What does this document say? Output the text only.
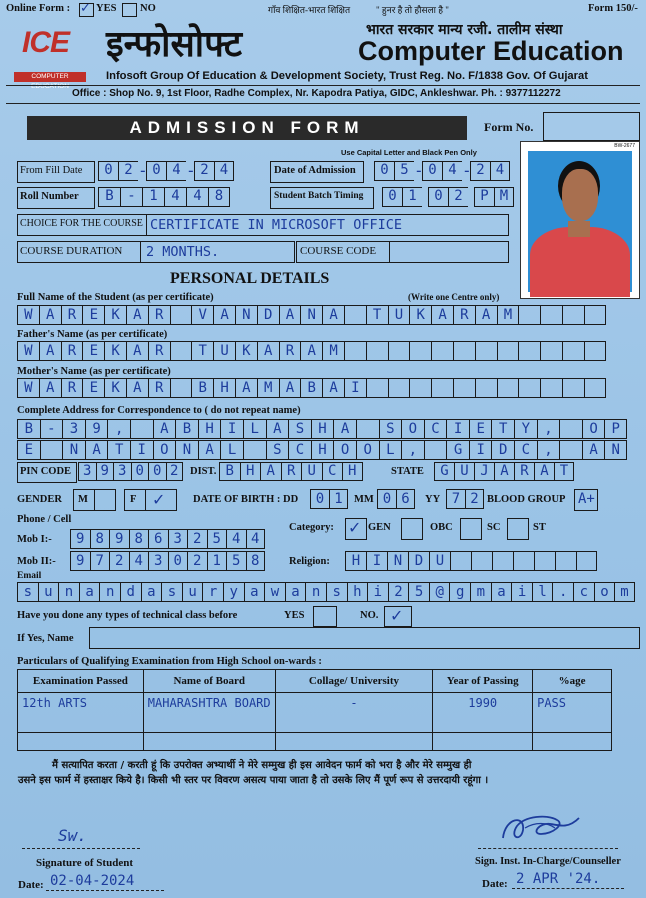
Online Form : ✓ YES NO	गाँव शिक्षित-भारत शिक्षित	" हुनर है तो हौसला है "	Form 150/-
ICE
COMPUTER EDUCATION
इन्फोसोफ्ट	भारत सरकार मान्य रजी. तालीम संस्था
Computer Education
Infosoft Group Of Education & Development Society, Trust Reg. No. F/1838 Gov. Of Gujarat
Office : Shop No. 9, 1st Floor, Radhe Complex, Nr. Kapodra Patiya, GIDC, Ankleshwar. Ph. : 9377112272
ADMISSION FORM	Form No.
Use Capital Letter and Black Pen Only
BW-2677
From Fill Date	0 2 - 0 4 - 2 4	Date of Admission	0 5 - 0 4 - 2 4
Roll Number	B - 1 4 4 8	Student Batch Timing	0 1	0 2	P M
CHOICE FOR THE COURSE CERTIFICATE IN MICROSOFT OFFICE
COURSE DURATION 2 MONTHS.	COURSE CODE
PERSONAL DETAILS
Full Name of the Student (as per certificate)	(Write one Centre only)
W A R E K A R	V A N D A N A	T U K A R A M
Father's Name (as per certificate)
W A R E K A R	T U K A R A M
Mother's Name (as per certificate)
W A R E K A R	B H A M A B A I
Complete Address for Correspondence to ( do not repeat name)
B	-	3	9	,	A	B	H	I	L	A	S	H	A	S	O	C	I	E	T	Y	,	O P
E	N	A	T	I	O	N	A	L	S	C	H	O	O	L	,	G	I	D	C	,	A N
PIN CODE 3 9 3 0 0 2	DIST. B H A R U C H	STATE	G U J A R A T
GENDER M	F ✓	DATE OF BIRTH : DD	0 1	MM 0 6	YY 7 2 BLOOD GROUP A+
Phone / Cell
Mob I:-	9 8 9 8 6 3 2 5 4 4
Mob II:-	9 7 2 4 3 0 2 1 5 8
Category: ✓ GEN	OBC	SC	ST
Religion:	H I N D U
Email
s u n a n d a s u r y a w a n s h i 2 5 @ g m a i l . c o m
Have you done any types of technical class before	YES	NO. ✓
If Yes, Name
Particulars of Qualifying Examination from High School on-wards :
Examination Passed	Name of Board	Collage/ University	Year of Passing	%age
12th ARTS	MAHARASHTRA BOARD	-	1990	PASS

मैं सत्यापित करता / करती हूं कि उपरोक्त अभ्यार्थी ने मेरे सम्मुख ही इस आवेदन फार्म को भरा है और मेरे सम्मुख ही
उसने इस फार्म में हस्ताक्षर किये है। किसी भी स्तर पर विवरण असत्य पाया जाता है तो उसके लिए मैं पूर्ण रूप से उत्तरदायी रहूंगा ।
Sw.
Signature of Student
Date: 02-04-2024
Sign. Inst. In-Charge/Counseller
Date: 2 APR '24.
